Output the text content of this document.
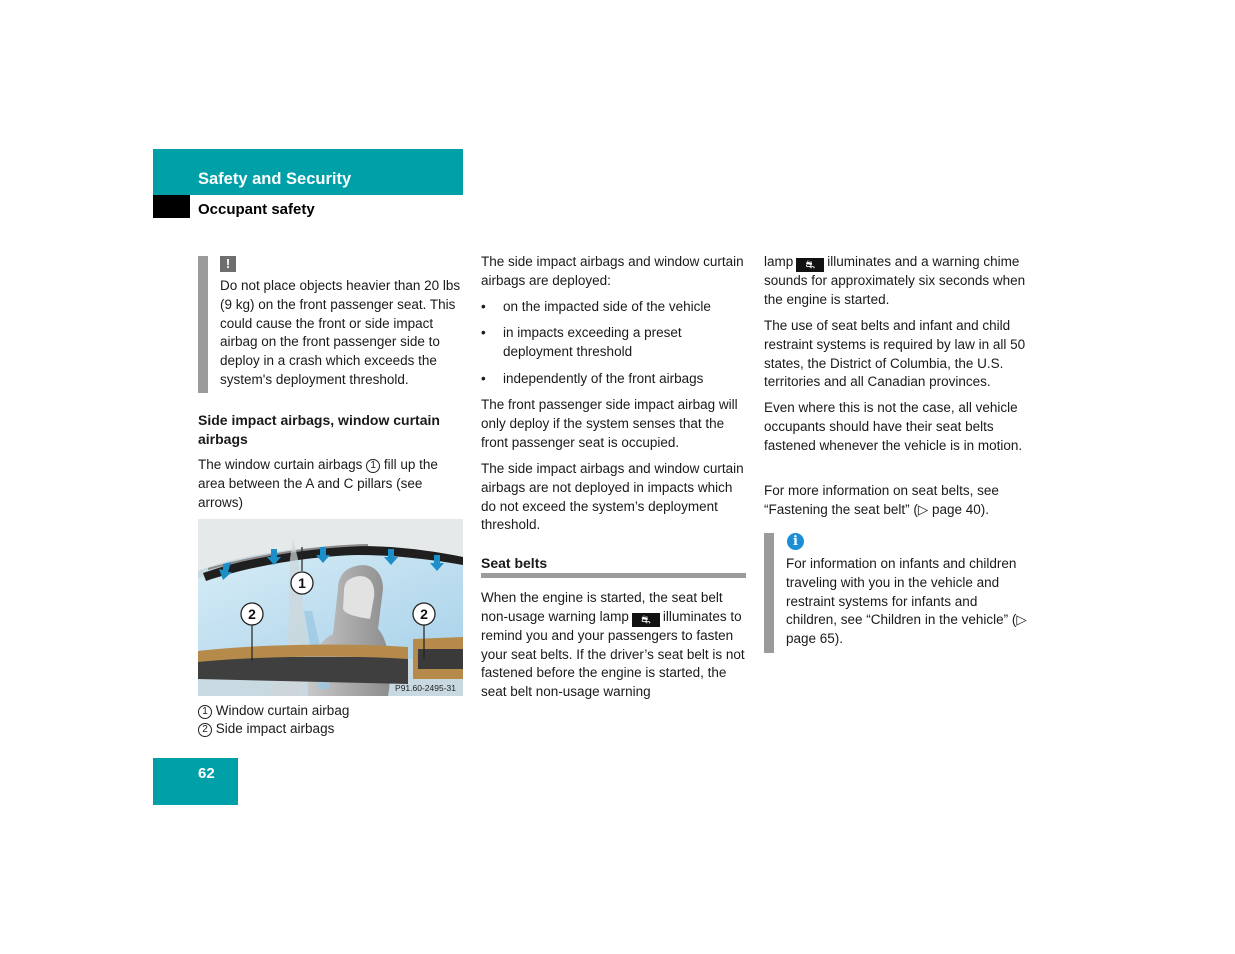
Safety and Security
Occupant safety
!

Do not place objects heavier than 20 lbs (9 kg) on the front passenger seat. This could cause the front or side impact airbag on the front passenger side to deploy in a crash which exceeds the system's deployment threshold.

Side impact airbags, window curtain airbags

The window curtain airbags 1 fill up the area between the A and C pillars (see arrows)

1
2	2
P91.60-2495-31

1 Window curtain airbag

2 Side impact airbags

The side impact airbags and window curtain airbags are deployed:

• on the impacted side of the vehicle
• in impacts exceeding a preset deployment threshold
• independently of the front airbags

The front passenger side impact airbag will only deploy if the system senses that the front passenger seat is occupied.

The side impact airbags and window curtain airbags are not deployed in impacts which do not exceed the system’s deployment threshold.

Seat belts

When the engine is started, the seat belt non-usage warning lamp ⛐ illuminates to remind you and your passengers to fasten your seat belts. If the driver’s seat belt is not fastened before the engine is started, the seat belt non-usage warning

lamp ⛐ illuminates and a warning chime sounds for approximately six seconds when the engine is started.

The use of seat belts and infant and child restraint systems is required by law in all 50 states, the District of Columbia, the U.S. territories and all Canadian provinces.

Even where this is not the case, all vehicle occupants should have their seat belts fastened whenever the vehicle is in motion.

For more information on seat belts, see “Fastening the seat belt” (▷ page 40).

i

For information on infants and children traveling with you in the vehicle and restraint systems for infants and children, see “Children in the vehicle” (▷ page 65).

62
